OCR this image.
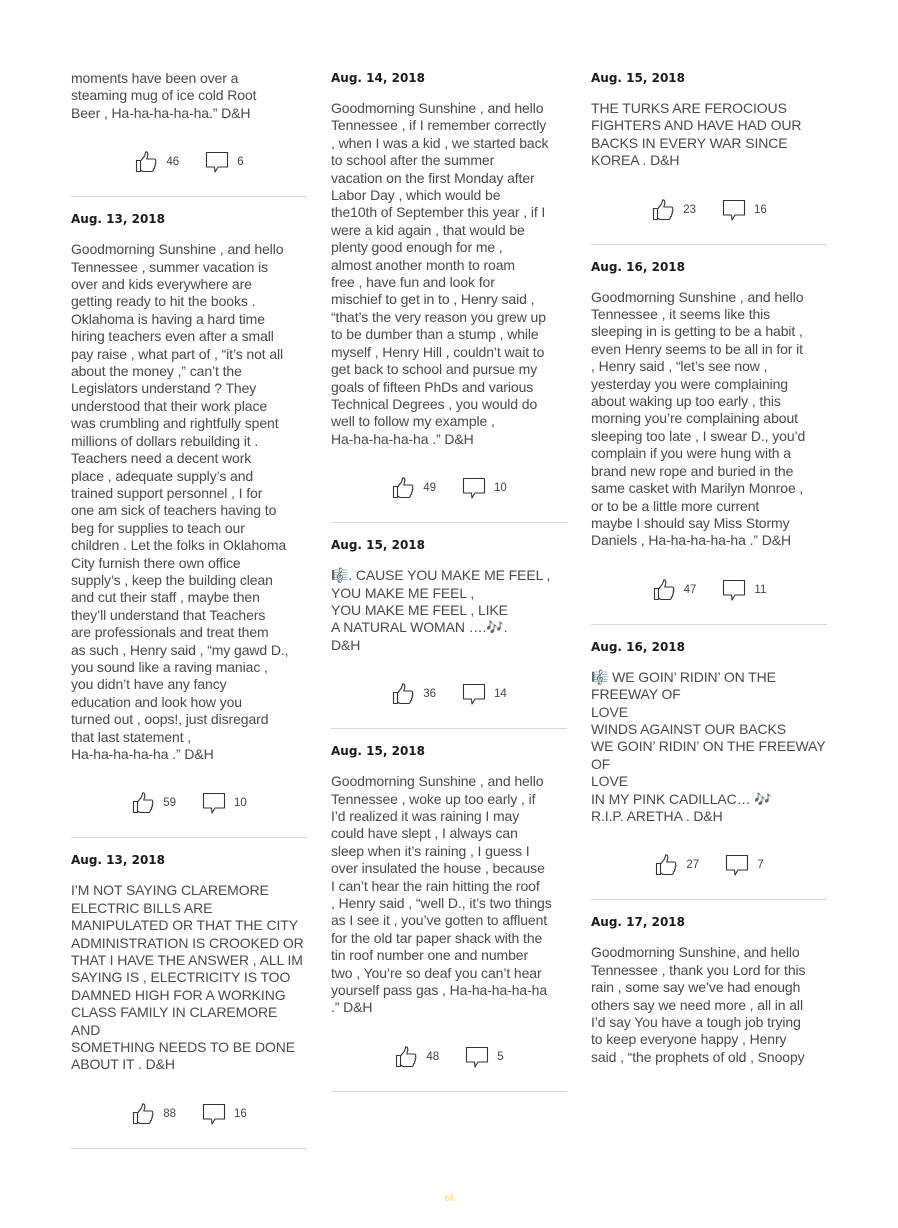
moments have been over a
steaming mug of ice cold Root
Beer , Ha-ha-ha-ha-ha.” D&H

46	6
Aug. 13, 2018

Goodmorning Sunshine , and hello
Tennessee , summer vacation is
over and kids everywhere are
getting ready to hit the books .
Oklahoma is having a hard time
hiring teachers even after a small
pay raise , what part of , “it’s not all
about the money ,” can’t the
Legislators understand ? They
understood that their work place
was crumbling and rightfully spent
millions of dollars rebuilding it .
Teachers need a decent work
place , adequate supply’s and
trained support personnel , I for
one am sick of teachers having to
beg for supplies to teach our
children . Let the folks in Oklahoma
City furnish there own office
supply’s , keep the building clean
and cut their staff , maybe then
they’ll understand that Teachers
are professionals and treat them
as such , Henry said , “my gawd D.,
you sound like a raving maniac ,
you didn’t have any fancy
education and look how you
turned out , oops!, just disregard
that last statement ,
Ha-ha-ha-ha-ha .” D&H

59	10
Aug. 13, 2018

I’M NOT SAYING CLAREMORE
ELECTRIC BILLS ARE
MANIPULATED OR THAT THE CITY
ADMINISTRATION IS CROOKED OR
THAT I HAVE THE ANSWER , ALL IM
SAYING IS , ELECTRICITY IS TOO
DAMNED HIGH FOR A WORKING
CLASS FAMILY IN CLAREMORE AND
SOMETHING NEEDS TO BE DONE
ABOUT IT . D&H

88	16
Aug. 14, 2018

Goodmorning Sunshine , and hello
Tennessee , if I remember correctly
, when I was a kid , we started back
to school after the summer
vacation on the first Monday after
Labor Day , which would be
the10th of September this year , if I
were a kid again , that would be
plenty good enough for me ,
almost another month to roam
free , have fun and look for
mischief to get in to , Henry said ,
“that’s the very reason you grew up
to be dumber than a stump , while
myself , Henry Hill , couldn’t wait to
get back to school and pursue my
goals of fifteen PhDs and various
Technical Degrees , you would do
well to follow my example ,
Ha-ha-ha-ha-ha .” D&H

49	10
Aug. 15, 2018

🎼. CAUSE YOU MAKE ME FEEL ,
YOU MAKE ME FEEL ,
YOU MAKE ME FEEL , LIKE
A NATURAL WOMAN ….🎶.
D&H

36	14
Aug. 15, 2018

Goodmorning Sunshine , and hello
Tennessee , woke up too early , if
I’d realized it was raining I may
could have slept , I always can
sleep when it’s raining , I guess I
over insulated the house , because
I can’t hear the rain hitting the roof
, Henry said , “well D., it’s two things
as I see it , you’ve gotten to affluent
for the old tar paper shack with the
tin roof number one and number
two , You’re so deaf you can’t hear
yourself pass gas , Ha-ha-ha-ha-ha
.” D&H

48	5
Aug. 15, 2018

THE TURKS ARE FEROCIOUS
FIGHTERS AND HAVE HAD OUR
BACKS IN EVERY WAR SINCE
KOREA . D&H

23	16
Aug. 16, 2018

Goodmorning Sunshine , and hello
Tennessee , it seems like this
sleeping in is getting to be a habit ,
even Henry seems to be all in for it
, Henry said , “let’s see now ,
yesterday you were complaining
about waking up too early , this
morning you’re complaining about
sleeping too late , I swear D., you’d
complain if you were hung with a
brand new rope and buried in the
same casket with Marilyn Monroe ,
or to be a little more current
maybe I should say Miss Stormy
Daniels , Ha-ha-ha-ha-ha .” D&H

47	11
Aug. 16, 2018

🎼 WE GOIN’ RIDIN’ ON THE
FREEWAY OF
LOVE
WINDS AGAINST OUR BACKS
WE GOIN’ RIDIN’ ON THE FREEWAY
OF
LOVE
IN MY PINK CADILLAC… 🎶
R.I.P. ARETHA . D&H

27	7
Aug. 17, 2018

Goodmorning Sunshine, and hello
Tennessee , thank you Lord for this
rain , some say we’ve had enough
others say we need more , all in all
I’d say You have a tough job trying
to keep everyone happy , Henry
said , “the prophets of old , Snoopy

68
